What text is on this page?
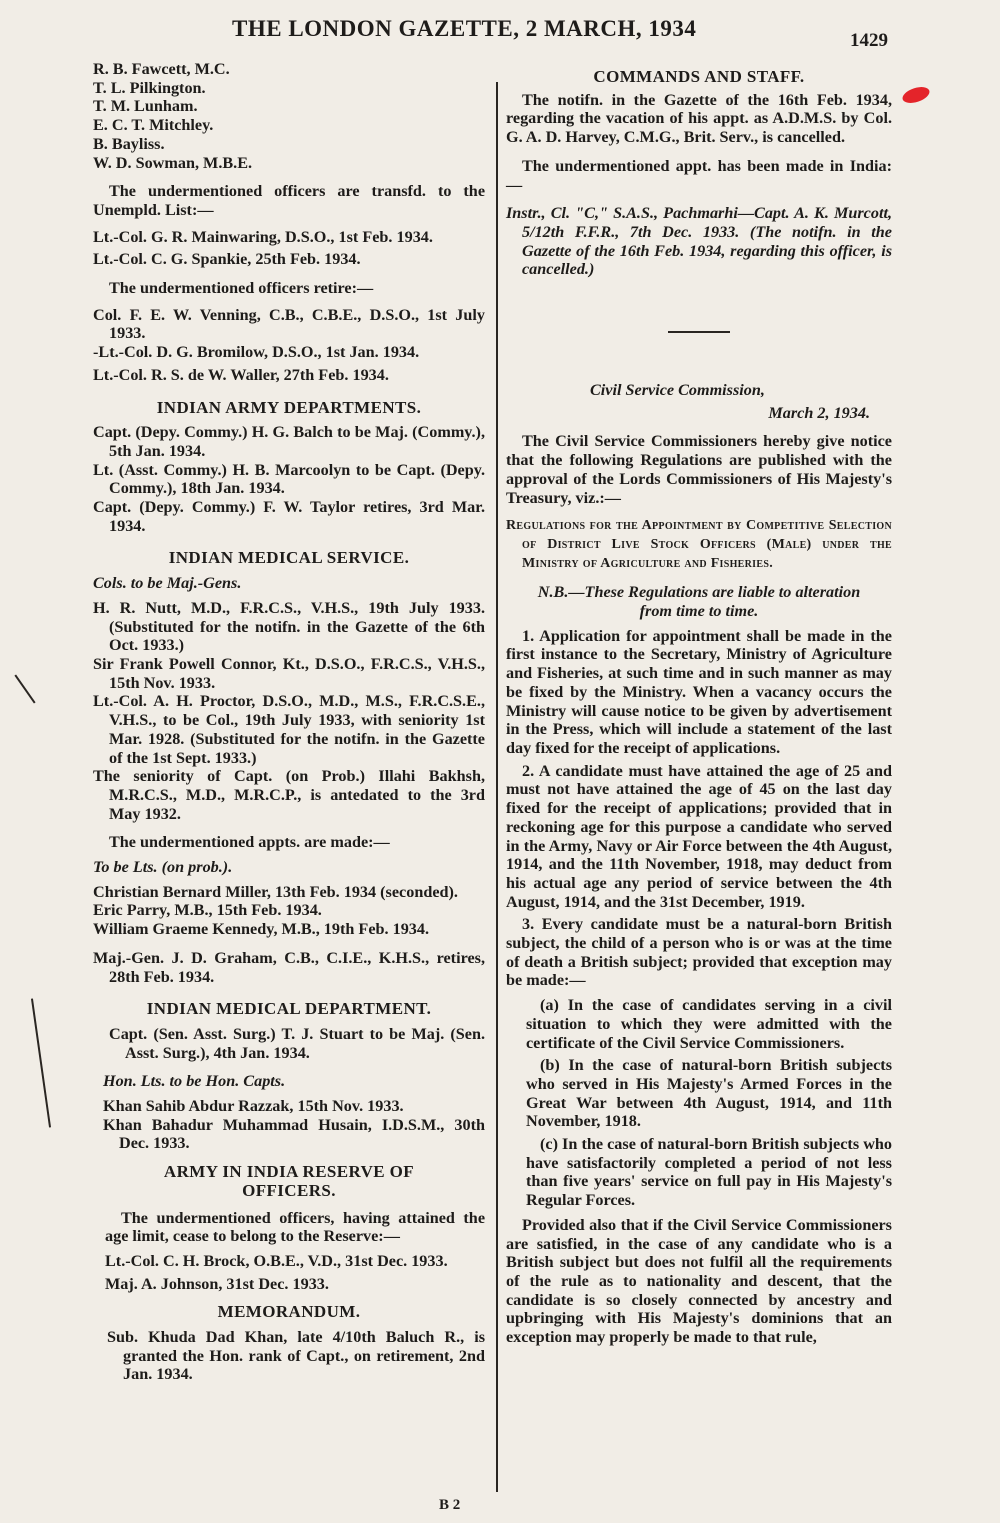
THE LONDON GAZETTE, 2 MARCH, 1934	1429

R. B. Fawcett, M.C.

T. L. Pilkington.

T. M. Lunham.

E. C. T. Mitchley.

B. Bayliss.

W. D. Sowman, M.B.E.

The undermentioned officers are transfd. to the Unempld. List:—

Lt.-Col. G. R. Mainwaring, D.S.O., 1st Feb. 1934.

Lt.-Col. C. G. Spankie, 25th Feb. 1934.

The undermentioned officers retire:—

Col. F. E. W. Venning, C.B., C.B.E., D.S.O., 1st July 1933.

-Lt.-Col. D. G. Bromilow, D.S.O., 1st Jan. 1934.

Lt.-Col. R. S. de W. Waller, 27th Feb. 1934.

INDIAN ARMY DEPARTMENTS.

Capt. (Depy. Commy.) H. G. Balch to be Maj. (Commy.), 5th Jan. 1934.

Lt. (Asst. Commy.) H. B. Marcoolyn to be Capt. (Depy. Commy.), 18th Jan. 1934.

Capt. (Depy. Commy.) F. W. Taylor retires, 3rd Mar. 1934.

INDIAN MEDICAL SERVICE.

Cols. to be Maj.-Gens.

H. R. Nutt, M.D., F.R.C.S., V.H.S., 19th July 1933. (Substituted for the notifn. in the Gazette of the 6th Oct. 1933.)

Sir Frank Powell Connor, Kt., D.S.O., F.R.C.S., V.H.S., 15th Nov. 1933.

Lt.-Col. A. H. Proctor, D.S.O., M.D., M.S., F.R.C.S.E., V.H.S., to be Col., 19th July 1933, with seniority 1st Mar. 1928. (Substituted for the notifn. in the Gazette of the 1st Sept. 1933.)

The seniority of Capt. (on Prob.) Illahi Bakhsh, M.R.C.S., M.D., M.R.C.P., is antedated to the 3rd May 1932.

The undermentioned appts. are made:—

To be Lts. (on prob.).

Christian Bernard Miller, 13th Feb. 1934 (seconded).

Eric Parry, M.B., 15th Feb. 1934.

William Graeme Kennedy, M.B., 19th Feb. 1934.

Maj.-Gen. J. D. Graham, C.B., C.I.E., K.H.S., retires, 28th Feb. 1934.

INDIAN MEDICAL DEPARTMENT.

Capt. (Sen. Asst. Surg.) T. J. Stuart to be Maj. (Sen. Asst. Surg.), 4th Jan. 1934.

Hon. Lts. to be Hon. Capts.

Khan Sahib Abdur Razzak, 15th Nov. 1933.

Khan Bahadur Muhammad Husain, I.D.S.M., 30th Dec. 1933.

ARMY IN INDIA RESERVE OF OFFICERS.

The undermentioned officers, having attained the age limit, cease to belong to the Reserve:—

Lt.-Col. C. H. Brock, O.B.E., V.D., 31st Dec. 1933.

Maj. A. Johnson, 31st Dec. 1933.

MEMORANDUM.

Sub. Khuda Dad Khan, late 4/10th Baluch R., is granted the Hon. rank of Capt., on retirement, 2nd Jan. 1934.

COMMANDS AND STAFF.

The notifn. in the Gazette of the 16th Feb. 1934, regarding the vacation of his appt. as A.D.M.S. by Col. G. A. D. Harvey, C.M.G., Brit. Serv., is cancelled.

The undermentioned appt. has been made in India:—

Instr., Cl. "C," S.A.S., Pachmarhi—Capt. A. K. Murcott, 5/12th F.F.R., 7th Dec. 1933. (The notifn. in the Gazette of the 16th Feb. 1934, regarding this officer, is cancelled.)

Civil Service Commission,

March 2, 1934.

The Civil Service Commissioners hereby give notice that the following Regulations are published with the approval of the Lords Commissioners of His Majesty's Treasury, viz.:—

Regulations for the Appointment by Competitive Selection of District Live Stock Officers (Male) under the Ministry of Agriculture and Fisheries.

N.B.—These Regulations are liable to alteration from time to time.

1. Application for appointment shall be made in the first instance to the Secretary, Ministry of Agriculture and Fisheries, at such time and in such manner as may be fixed by the Ministry. When a vacancy occurs the Ministry will cause notice to be given by advertisement in the Press, which will include a statement of the last day fixed for the receipt of applications.

2. A candidate must have attained the age of 25 and must not have attained the age of 45 on the last day fixed for the receipt of applications; provided that in reckoning age for this purpose a candidate who served in the Army, Navy or Air Force between the 4th August, 1914, and the 11th November, 1918, may deduct from his actual age any period of service between the 4th August, 1914, and the 31st December, 1919.

3. Every candidate must be a natural-born British subject, the child of a person who is or was at the time of death a British subject; provided that exception may be made:—

(a) In the case of candidates serving in a civil situation to which they were admitted with the certificate of the Civil Service Commissioners.

(b) In the case of natural-born British subjects who served in His Majesty's Armed Forces in the Great War between 4th August, 1914, and 11th November, 1918.

(c) In the case of natural-born British subjects who have satisfactorily completed a period of not less than five years' service on full pay in His Majesty's Regular Forces.

Provided also that if the Civil Service Commissioners are satisfied, in the case of any candidate who is a British subject but does not fulfil all the requirements of the rule as to nationality and descent, that the candidate is so closely connected by ancestry and upbringing with His Majesty's dominions that an exception may properly be made to that rule,

B 2
